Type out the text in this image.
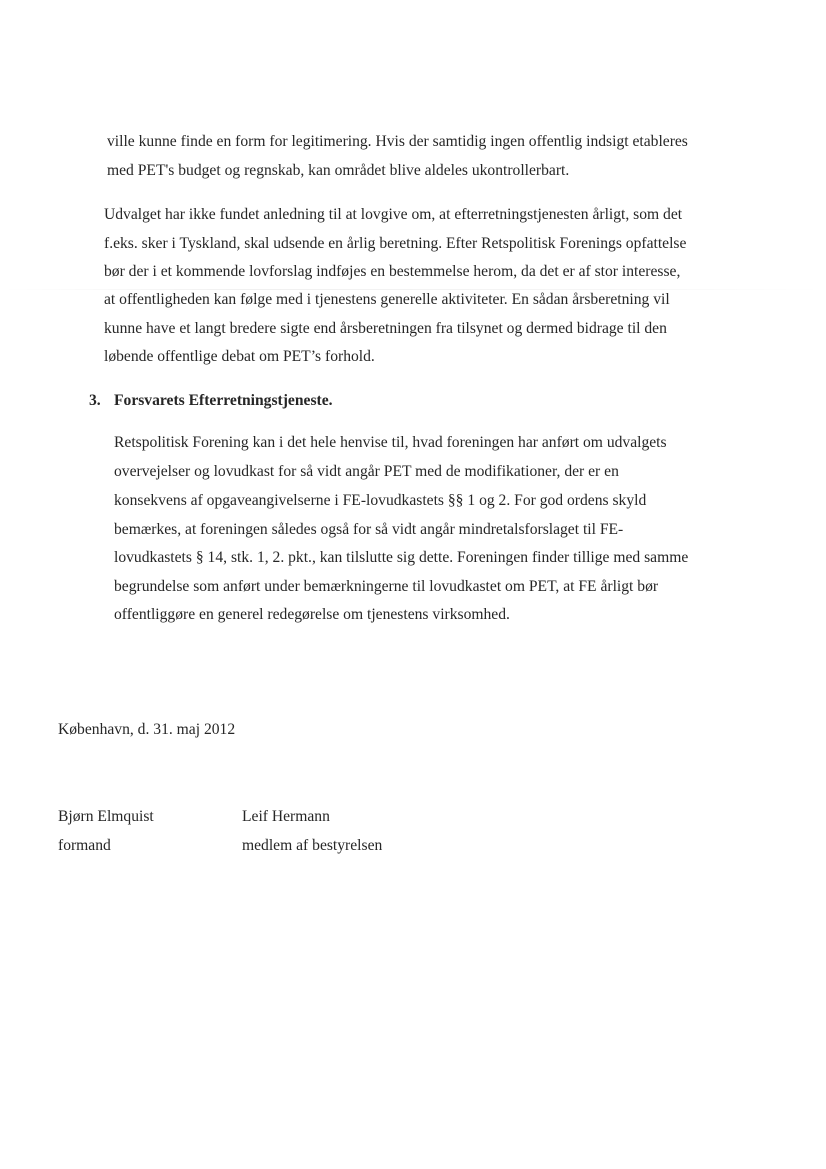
ville kunne finde en form for legitimering. Hvis der samtidig ingen offentlig indsigt etableres
med PET's budget og regnskab, kan området blive aldeles ukontrollerbart.
Udvalget har ikke fundet anledning til at lovgive om, at efterretningstjenesten årligt, som det
f.eks. sker i Tyskland, skal udsende en årlig beretning. Efter Retspolitisk Forenings opfattelse
bør der i et kommende lovforslag indføjes en bestemmelse herom, da det er af stor interesse,
at offentligheden kan følge med i tjenestens generelle aktiviteter. En sådan årsberetning vil
kunne have et langt bredere sigte end årsberetningen fra tilsynet og dermed bidrage til den
løbende offentlige debat om PET’s forhold.
3. Forsvarets Efterretningstjeneste.
Retspolitisk Forening kan i det hele henvise til, hvad foreningen har anført om udvalgets
overvejelser og lovudkast for så vidt angår PET med de modifikationer, der er en
konsekvens af opgaveangivelserne i FE-lovudkastets §§ 1 og 2. For god ordens skyld
bemærkes, at foreningen således også for så vidt angår mindretalsforslaget til FE-
lovudkastets § 14, stk. 1, 2. pkt., kan tilslutte sig dette. Foreningen finder tillige med samme
begrundelse som anført under bemærkningerne til lovudkastet om PET, at FE årligt bør
offentliggøre en generel redegørelse om tjenestens virksomhed.
København, d. 31. maj 2012
Bjørn Elmquist
formand
Leif Hermann
medlem af bestyrelsen
